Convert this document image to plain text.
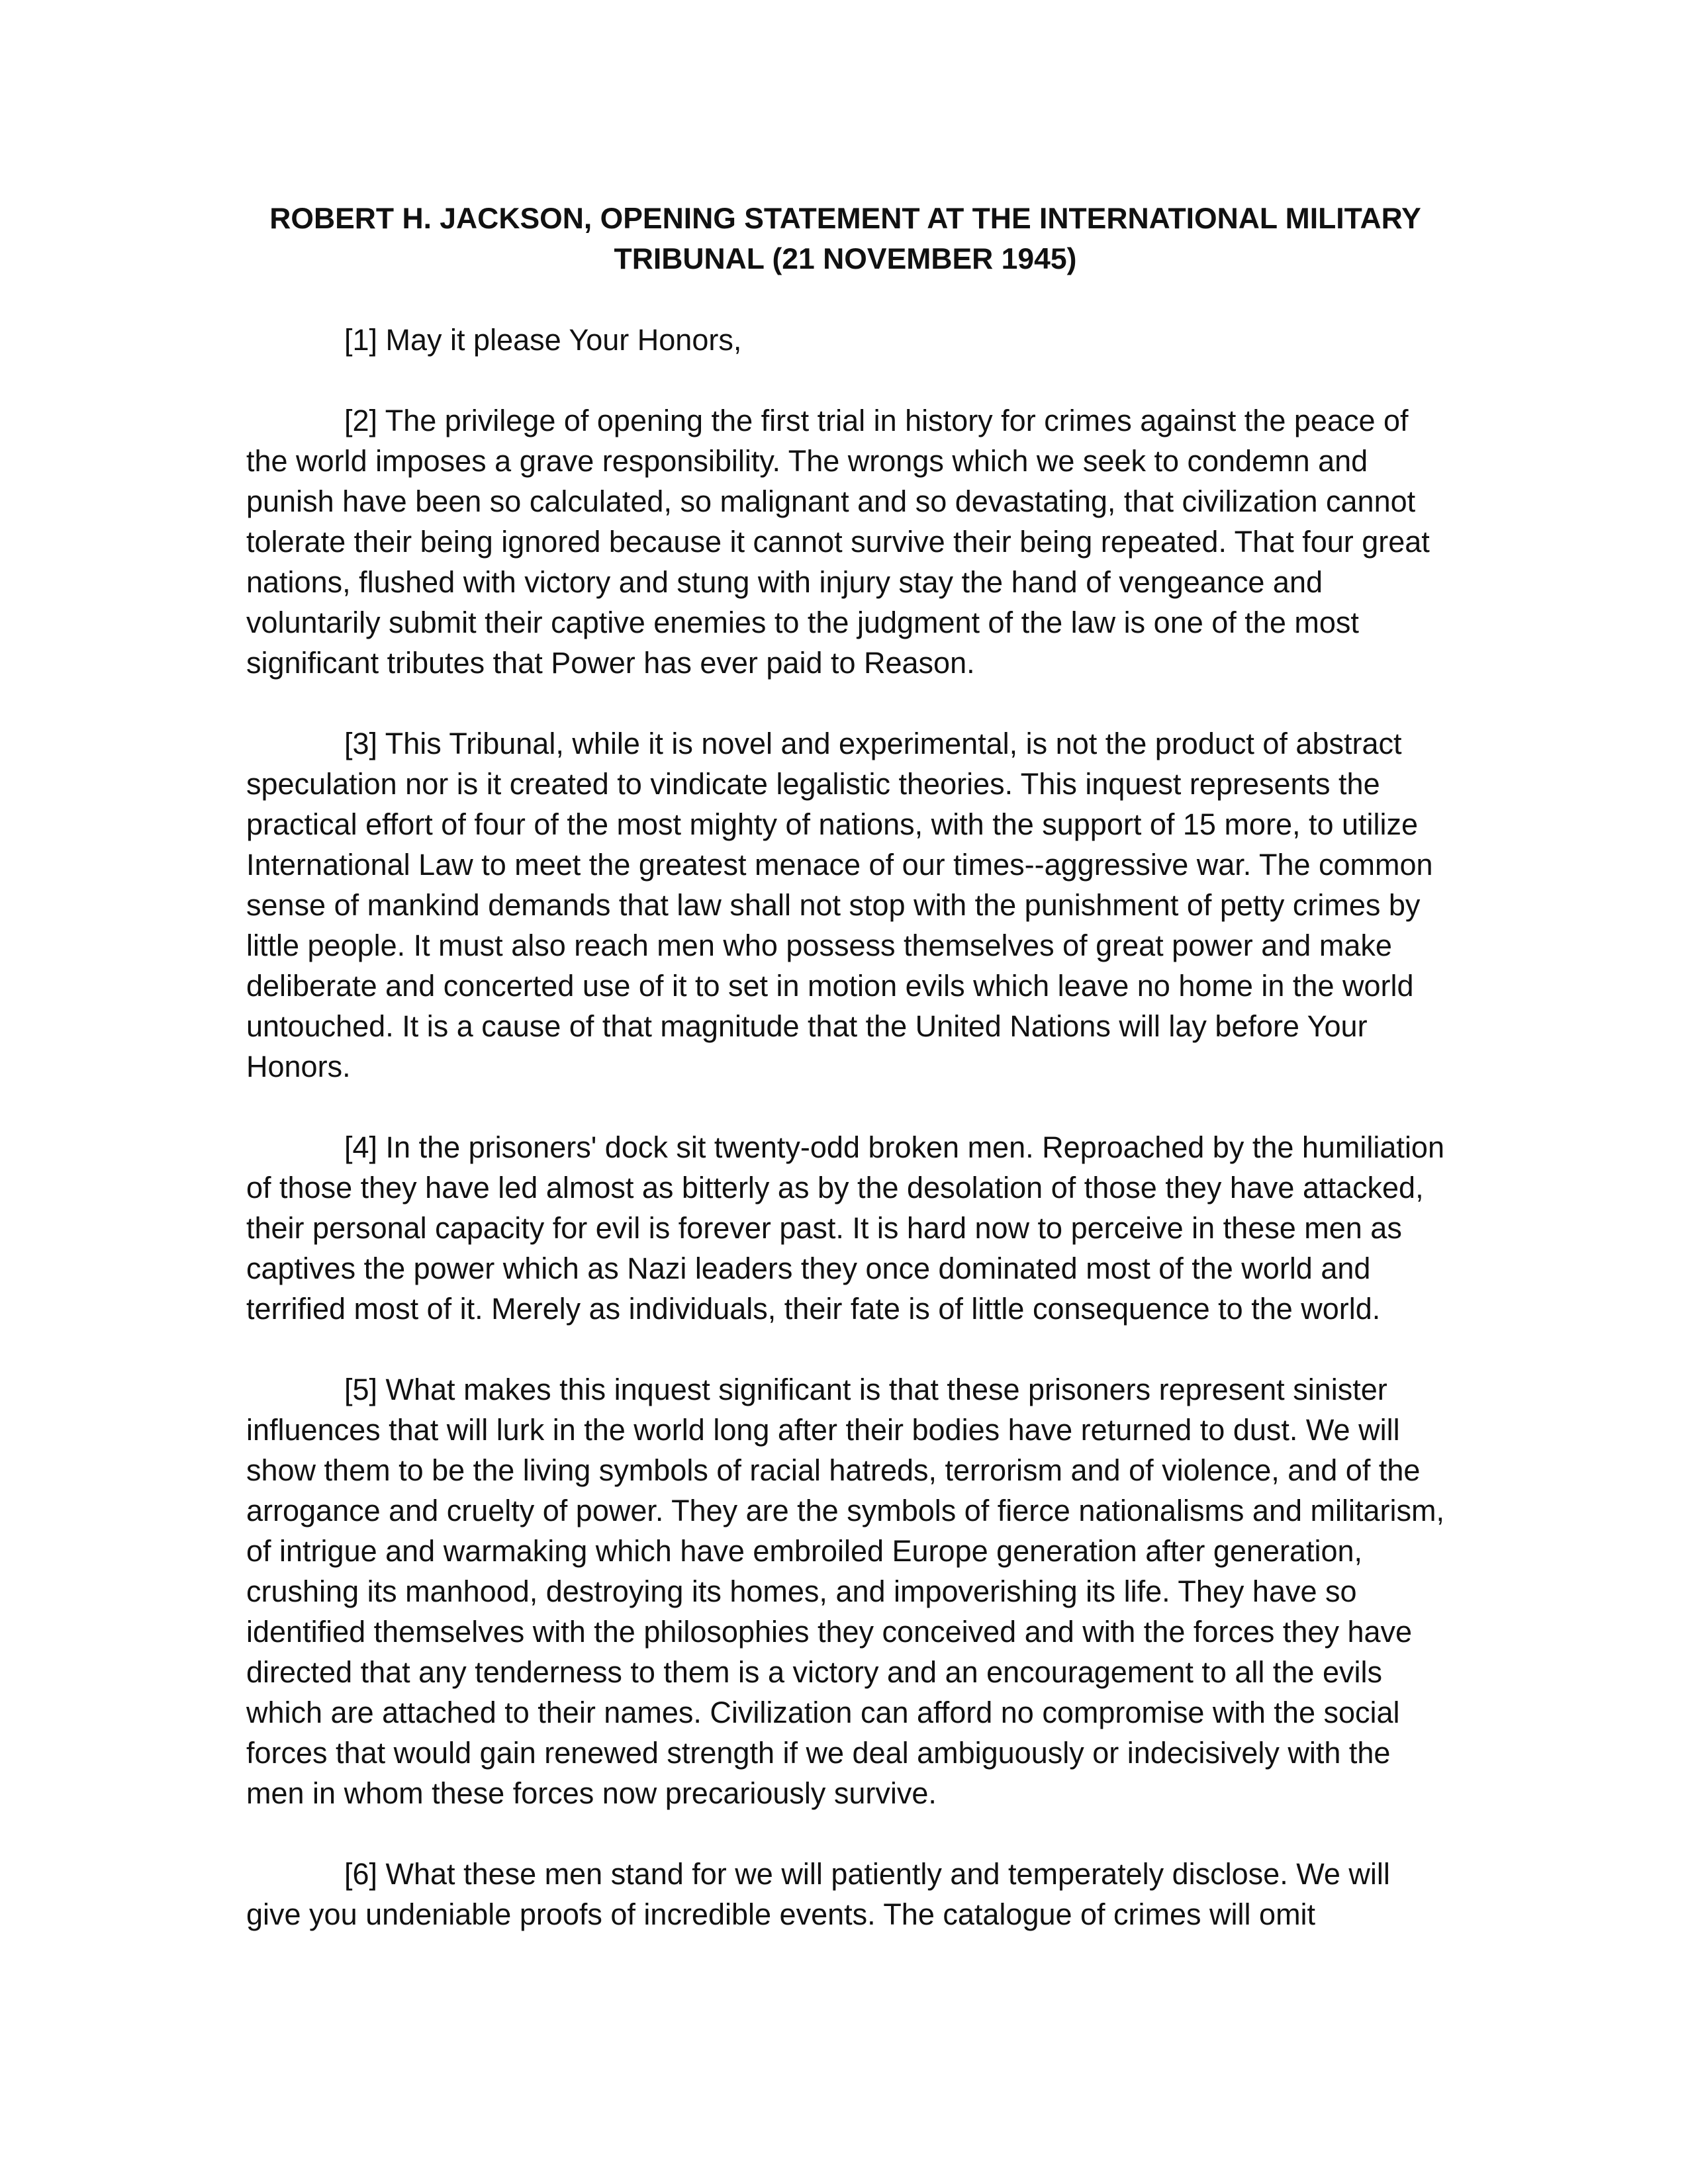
ROBERT H. JACKSON, OPENING STATEMENT AT THE INTERNATIONAL MILITARY TRIBUNAL (21 NOVEMBER 1945)

[1] May it please Your Honors,

[2] The privilege of opening the first trial in history for crimes against the peace of the world imposes a grave responsibility. The wrongs which we seek to condemn and punish have been so calculated, so malignant and so devastating, that civilization cannot tolerate their being ignored because it cannot survive their being repeated. That four great nations, flushed with victory and stung with injury stay the hand of vengeance and voluntarily submit their captive enemies to the judgment of the law is one of the most significant tributes that Power has ever paid to Reason.

[3] This Tribunal, while it is novel and experimental, is not the product of abstract speculation nor is it created to vindicate legalistic theories. This inquest represents the practical effort of four of the most mighty of nations, with the support of 15 more, to utilize International Law to meet the greatest menace of our times--aggressive war. The common sense of mankind demands that law shall not stop with the punishment of petty crimes by little people. It must also reach men who possess themselves of great power and make deliberate and concerted use of it to set in motion evils which leave no home in the world untouched. It is a cause of that magnitude that the United Nations will lay before Your Honors.

[4] In the prisoners' dock sit twenty-odd broken men. Reproached by the humiliation of those they have led almost as bitterly as by the desolation of those they have attacked, their personal capacity for evil is forever past. It is hard now to perceive in these men as captives the power which as Nazi leaders they once dominated most of the world and terrified most of it. Merely as individuals, their fate is of little consequence to the world.

[5] What makes this inquest significant is that these prisoners represent sinister influences that will lurk in the world long after their bodies have returned to dust. We will show them to be the living symbols of racial hatreds, terrorism and of violence, and of the arrogance and cruelty of power. They are the symbols of fierce nationalisms and militarism, of intrigue and warmaking which have embroiled Europe generation after generation, crushing its manhood, destroying its homes, and impoverishing its life. They have so identified themselves with the philosophies they conceived and with the forces they have directed that any tenderness to them is a victory and an encouragement to all the evils which are attached to their names. Civilization can afford no compromise with the social forces that would gain renewed strength if we deal ambiguously or indecisively with the men in whom these forces now precariously survive.

[6] What these men stand for we will patiently and temperately disclose. We will give you undeniable proofs of incredible events. The catalogue of crimes will omit
